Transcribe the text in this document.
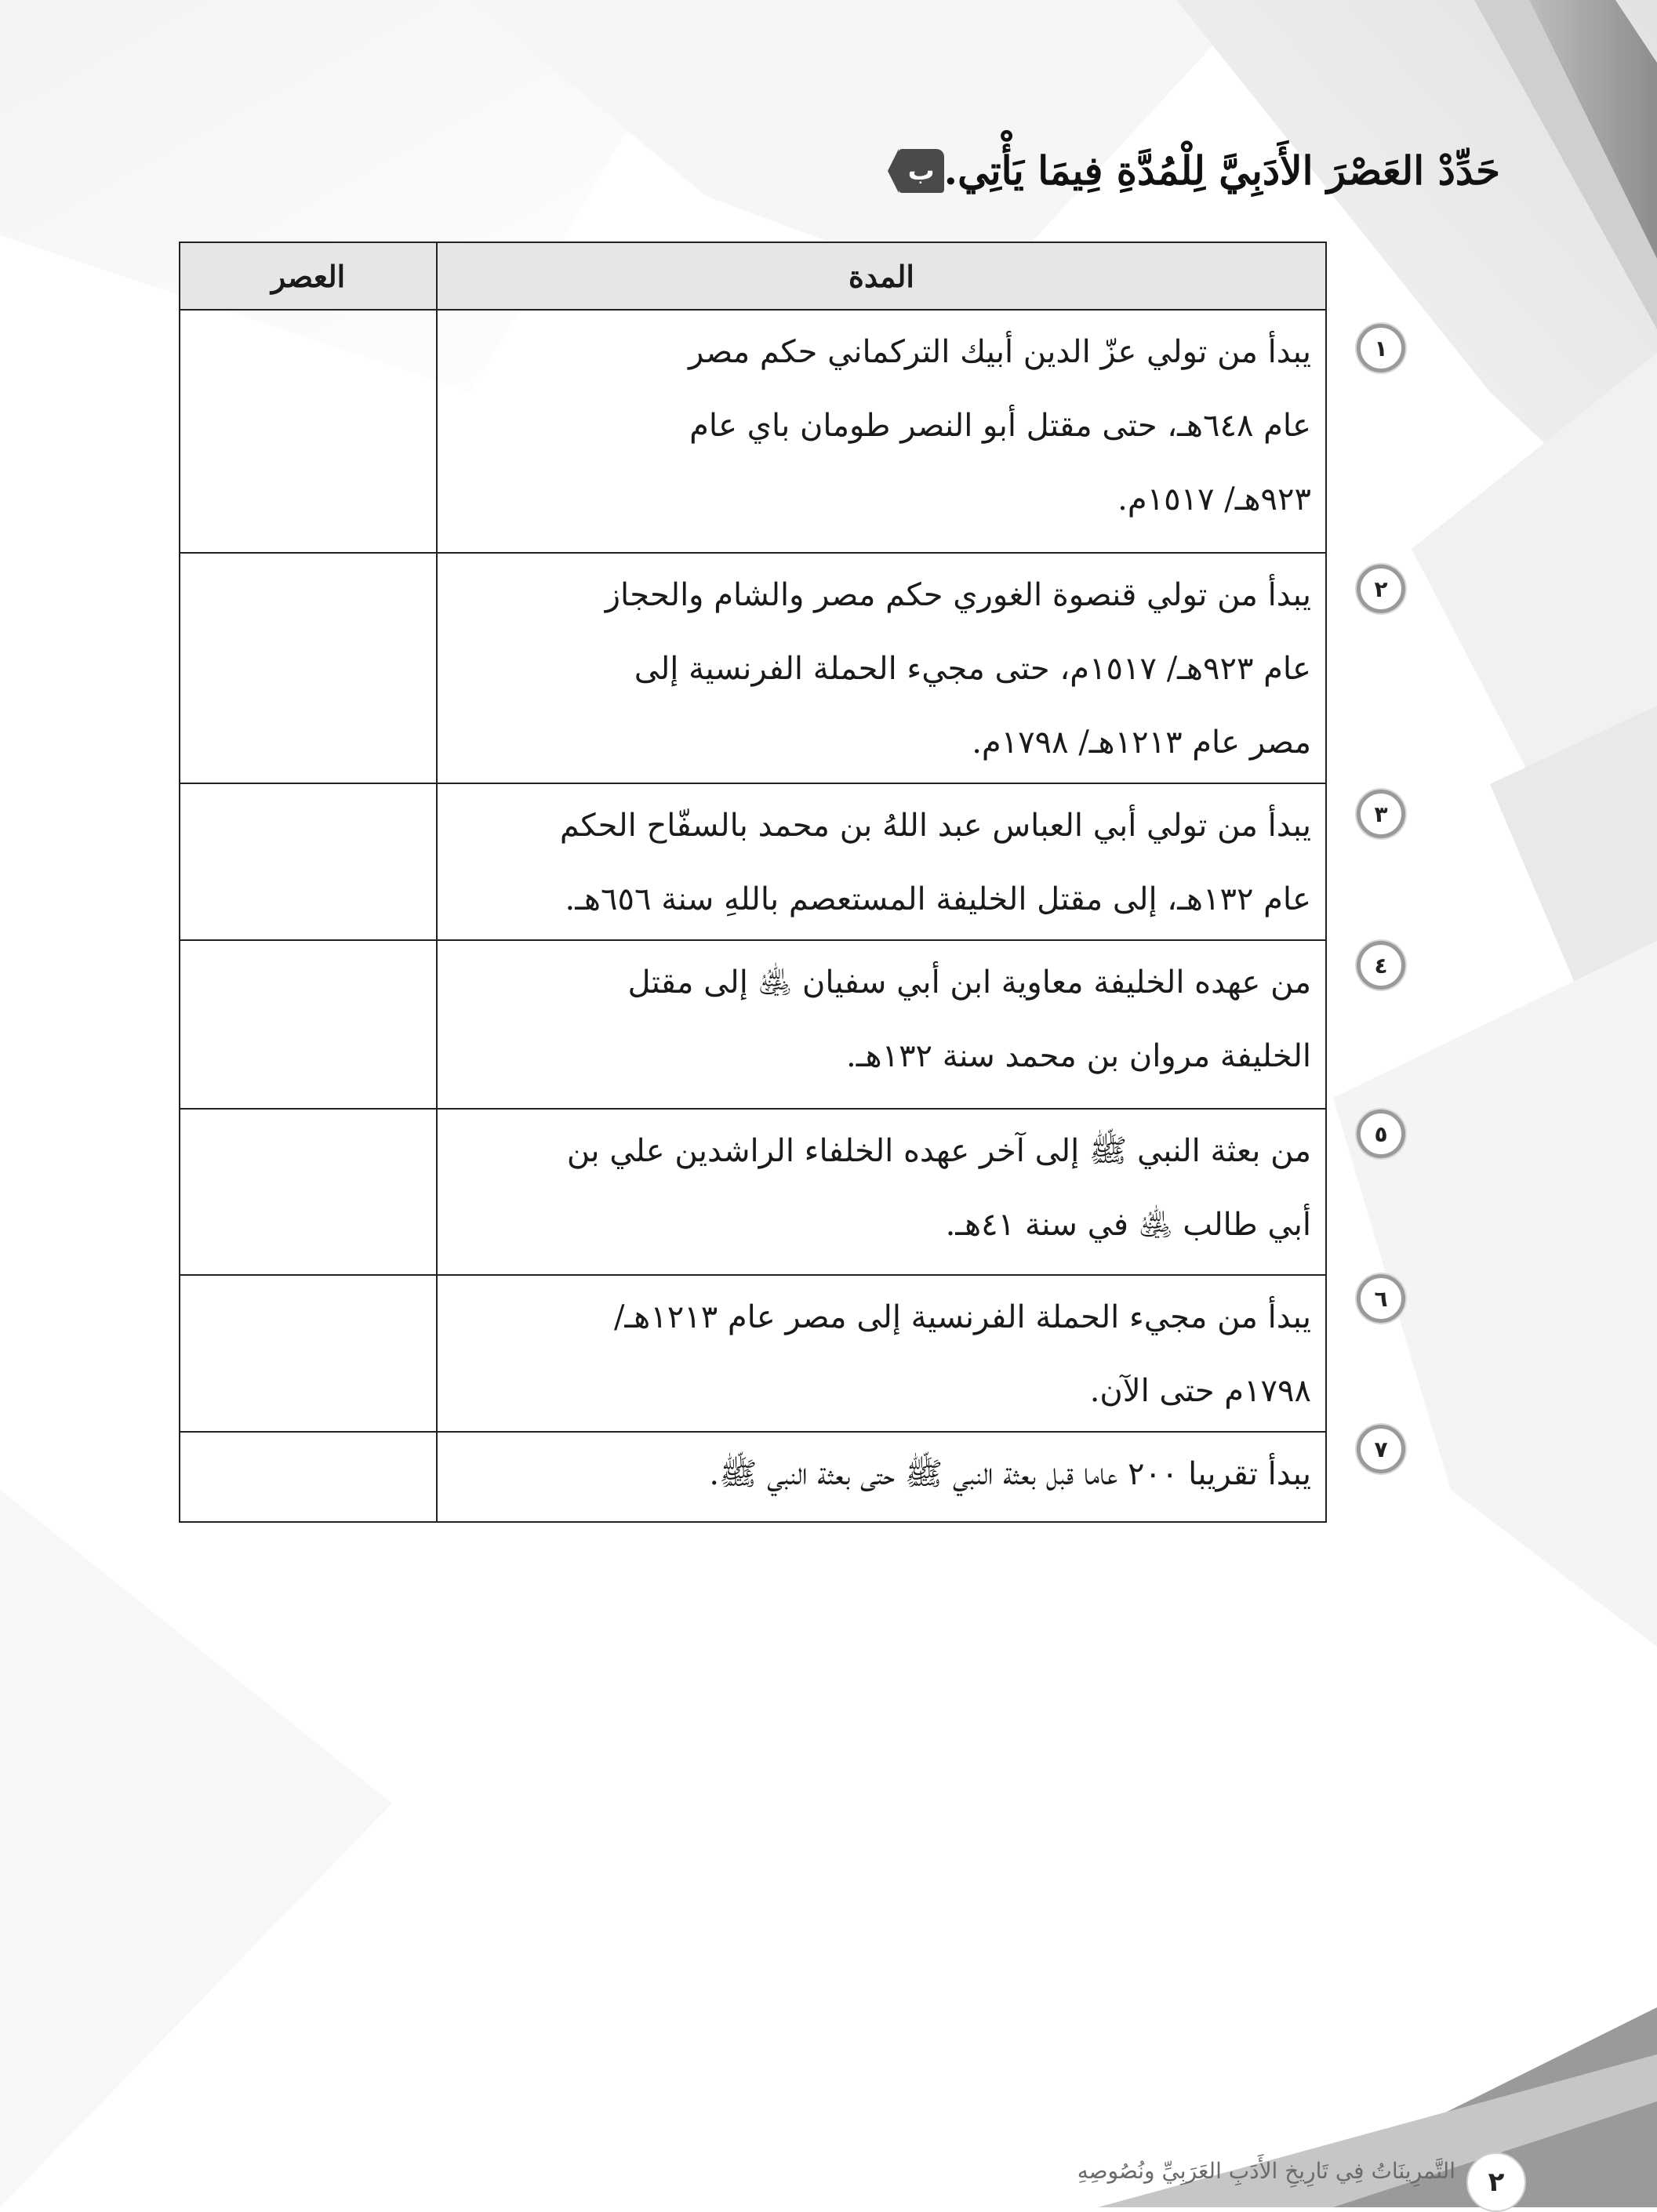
ب حَدِّدْ العَصْرَ الأَدَبِيَّ لِلْمُدَّةِ فِيمَا يَأْتِي.
المدة	العصر

يبدأ من تولي عزّ الدين أبيك التركماني حكم مصر
عام ٦٤٨هـ، حتى مقتل أبو النصر طومان باي عام
٩٢٣هـ/ ١٥١٧م.	

يبدأ من تولي قنصوة الغوري حكم مصر والشام والحجاز
عام ٩٢٣هـ/ ١٥١٧م، حتى مجيء الحملة الفرنسية إلى
مصر عام ١٢١٣هـ/ ١٧٩٨م.	

يبدأ من تولي أبي العباس عبد اللهُ بن محمد بالسفّاح الحكم
عام ١٣٢هـ، إلى مقتل الخليفة المستعصم باللهِ سنة ٦٥٦هـ.	

من عهده الخليفة معاوية ابن أبي سفيان ﵁ إلى مقتل
الخليفة مروان بن محمد سنة ١٣٢هـ.	

من بعثة النبي ﷺ إلى آخر عهده الخلفاء الراشدين علي بن
أبي طالب ﵁ في سنة ٤١هـ.	

يبدأ من مجيء الحملة الفرنسية إلى مصر عام ١٢١٣هـ/
١٧٩٨م حتى الآن.	

يبدأ تقريبا ٢٠٠ عاما قبل بعثة النبي ﷺ حتى بعثة النبي ﷺ.	

١
٢
٣
٤
٥
٦
٧
التَّمرِينَاتُ فِي تَارِيخِ الأَدَبِ العَرَبِيِّ ونُصُوصِهِ	٢
